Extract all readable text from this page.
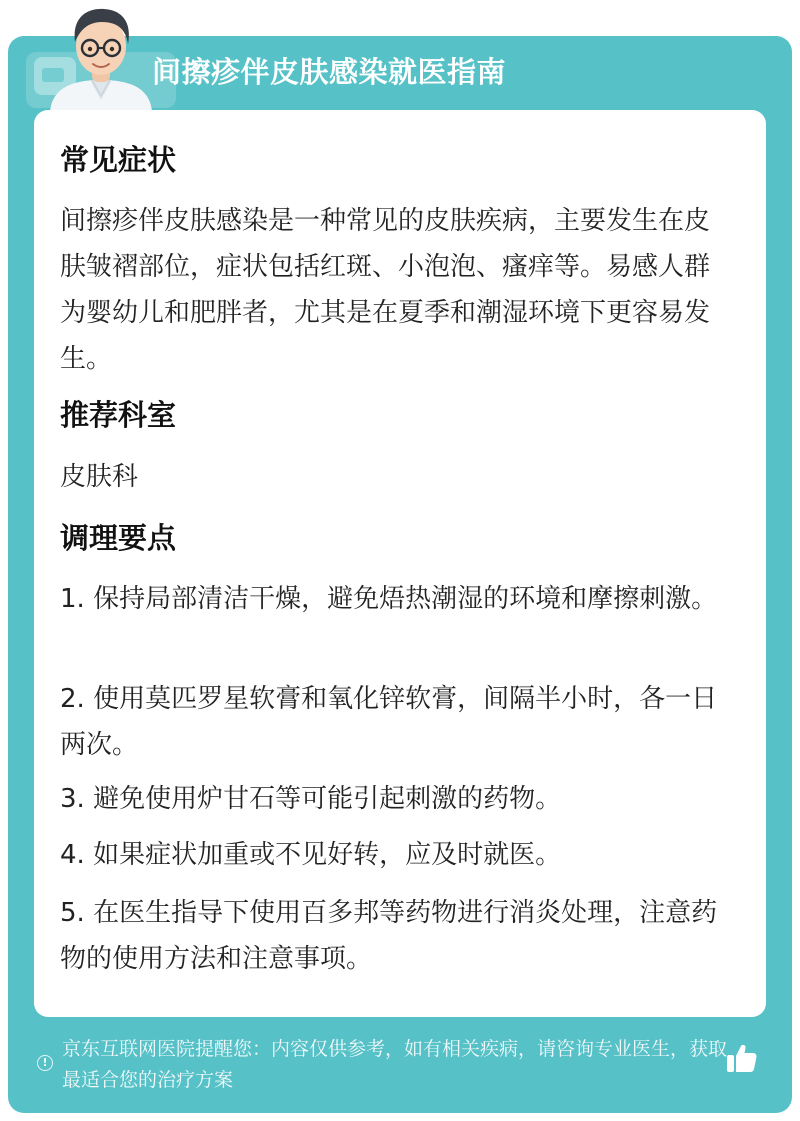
间擦疹伴皮肤感染就医指南
常见症状
间擦疹伴皮肤感染是一种常见的皮肤疾病，主要发生在皮肤皱褶部位，症状包括红斑、小泡泡、瘙痒等。易感人群为婴幼儿和肥胖者，尤其是在夏季和潮湿环境下更容易发生。
推荐科室
皮肤科
调理要点
1. 保持局部清洁干燥，避免焐热潮湿的环境和摩擦刺激。
2. 使用莫匹罗星软膏和氧化锌软膏，间隔半小时，各一日两次。
3. 避免使用炉甘石等可能引起刺激的药物。
4. 如果症状加重或不见好转，应及时就医。
5. 在医生指导下使用百多邦等药物进行消炎处理，注意药物的使用方法和注意事项。
!
京东互联网医院提醒您：内容仅供参考，如有相关疾病，请咨询专业医生，获取最适合您的治疗方案
